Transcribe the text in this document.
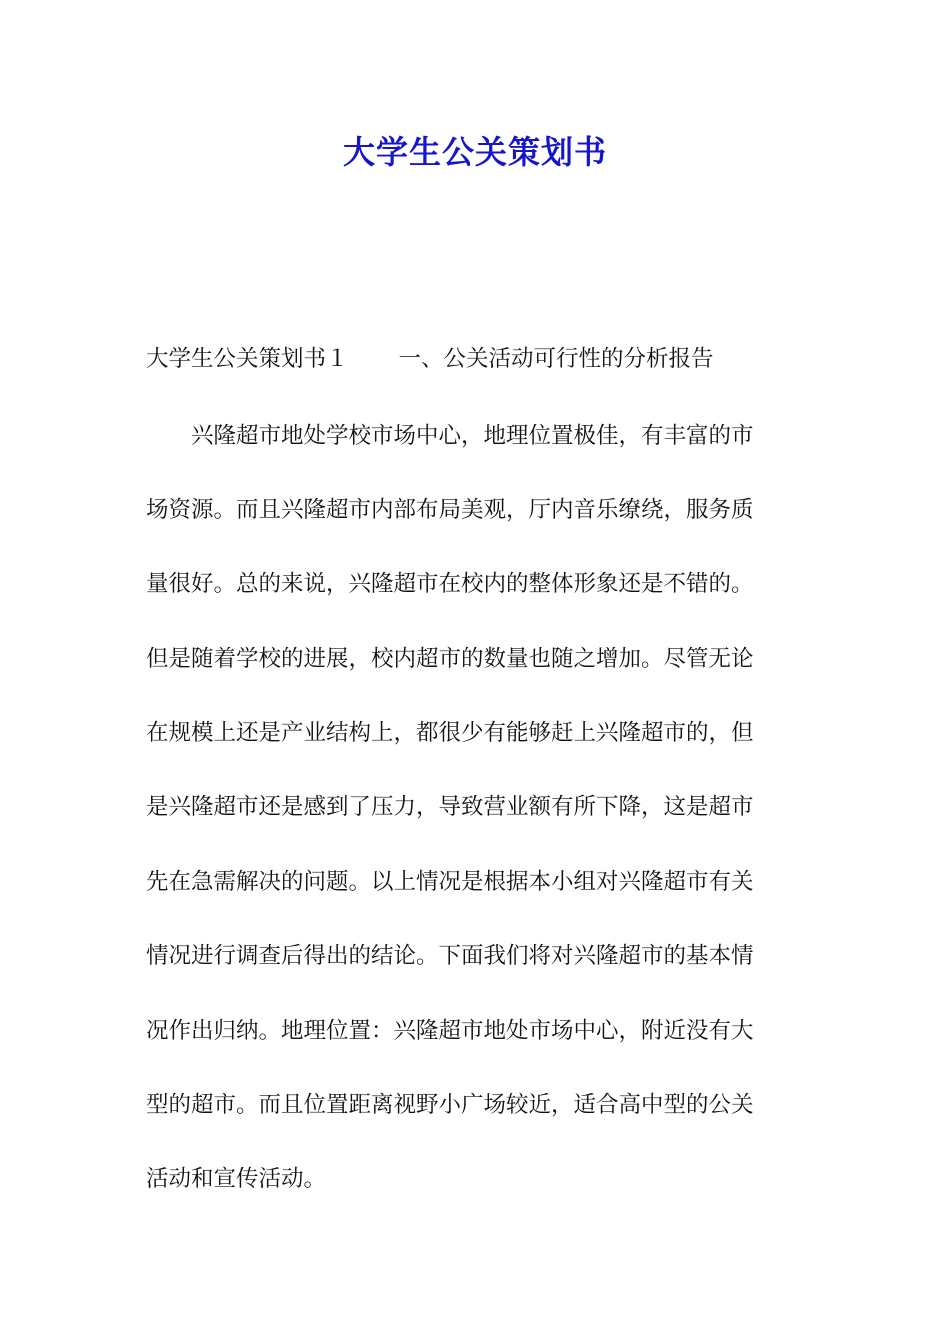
大学生公关策划书
大学生公关策划书１ 一、公关活动可行性的分析报告
兴隆超市地处学校市场中心，地理位置极佳，有丰富的市
场资源。而且兴隆超市内部布局美观，厅内音乐缭绕，服务质
量很好。总的来说，兴隆超市在校内的整体形象还是不错的。
但是随着学校的进展，校内超市的数量也随之增加。尽管无论
在规模上还是产业结构上，都很少有能够赶上兴隆超市的，但
是兴隆超市还是感到了压力，导致营业额有所下降，这是超市
先在急需解决的问题。以上情况是根据本小组对兴隆超市有关
情况进行调查后得出的结论。下面我们将对兴隆超市的基本情
况作出归纳。地理位置：兴隆超市地处市场中心，附近没有大
型的超市。而且位置距离视野小广场较近，适合高中型的公关
活动和宣传活动。
